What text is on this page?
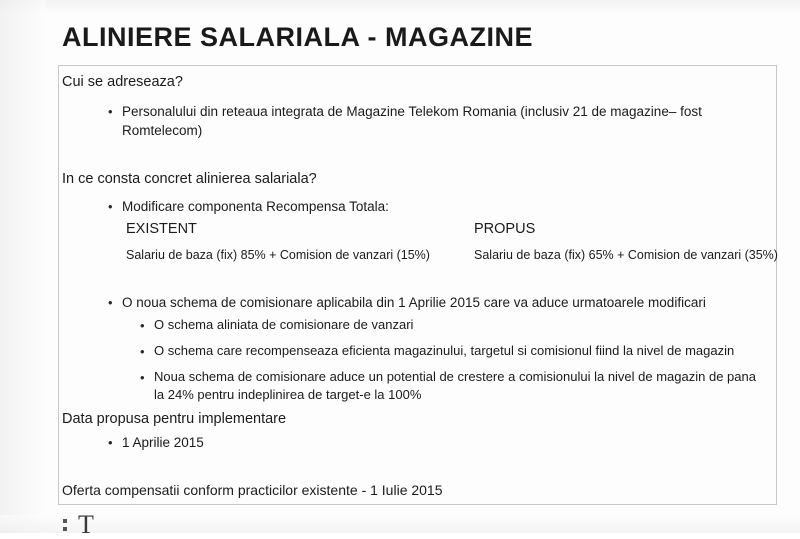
ALINIERE SALARIALA - MAGAZINE
Cui se adreseaza?
• Personalului din reteaua integrata de Magazine Telekom Romania (inclusiv 21 de magazine– fost Romtelecom)
In ce consta concret alinierea salariala?
• Modificare componenta Recompensa Totala:
EXISTENT	PROPUS
Salariu de baza (fix) 85% + Comision de vanzari (15%)	Salariu de baza (fix) 65% + Comision de vanzari (35%)
• O noua schema de comisionare aplicabila din 1 Aprilie 2015 care va aduce urmatoarele modificari
• O schema aliniata de comisionare de vanzari
• O schema care recompenseaza eficienta magazinului, targetul si comisionul fiind la nivel de magazin
• Noua schema de comisionare aduce un potential de crestere a comisionului la nivel de magazin de pana la 24% pentru indeplinirea de target-e la 100%
Data propusa pentru implementare
• 1 Aprilie 2015
Oferta compensatii conform practicilor existente - 1 Iulie 2015
T
